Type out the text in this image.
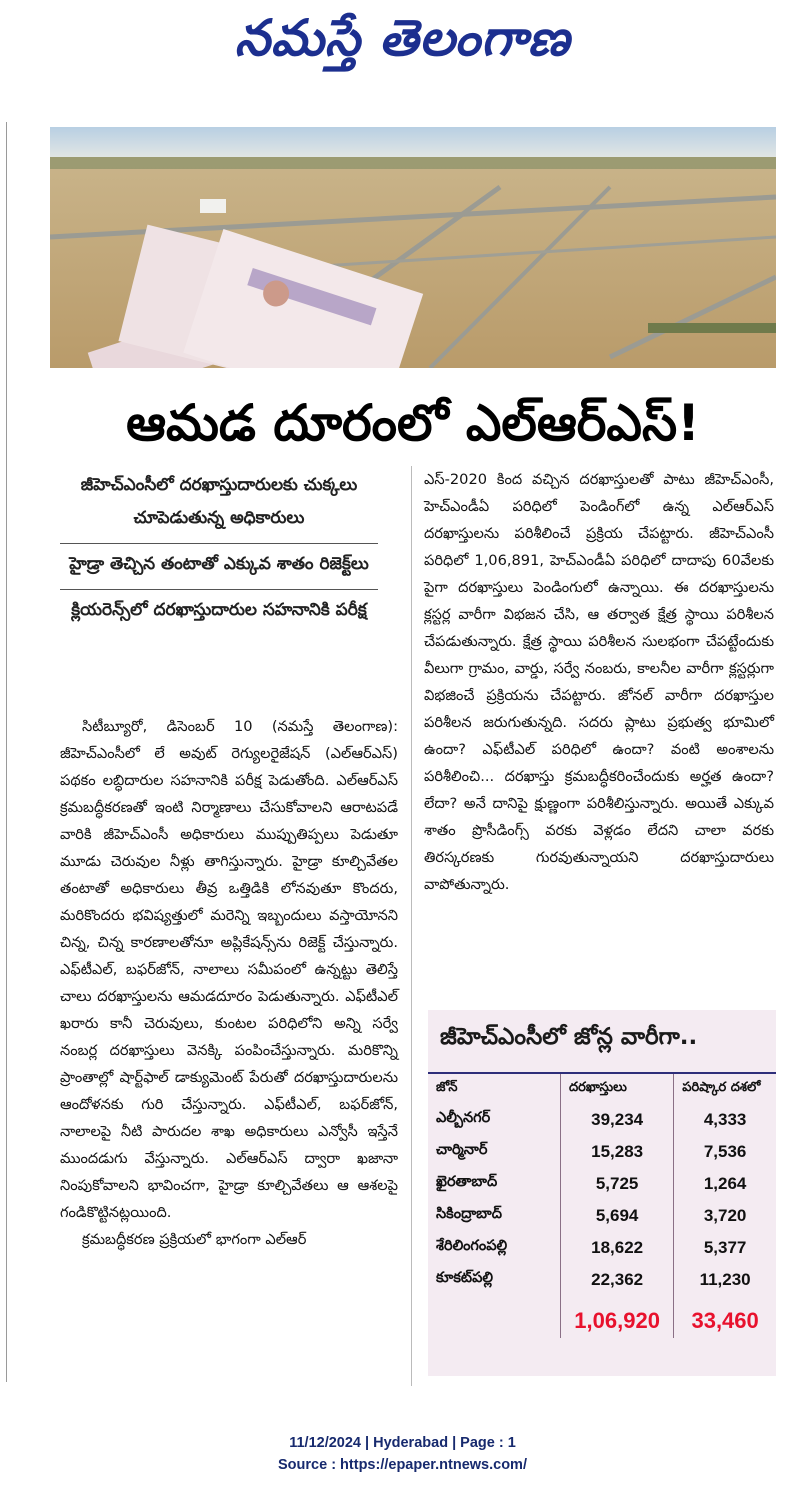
నమస్తే తెలంగాణ
ఆమడ దూరంలో ఎల్‌ఆర్‌ఎస్‌!
జీహెచ్‌ఎంసీలో దరఖాస్తుదారులకు చుక్కలు చూపెడుతున్న అధికారులు
హైడ్రా తెచ్చిన తంటాతో ఎక్కువ శాతం రిజెక్ట్‌లు
క్లియరెన్స్‌లో దరఖాస్తుదారుల సహనానికి పరీక్ష

సిటీబ్యూరో, డిసెంబర్‌ 10 (నమస్తే తెలంగాణ): జీహెచ్‌ఎంసీలో లే అవుట్‌ రెగ్యులరైజేషన్‌ (ఎల్‌ఆర్‌ఎస్‌) పథకం లబ్ధిదారుల సహనానికి పరీక్ష పెడుతోంది. ఎల్‌ఆర్‌ఎస్‌ క్రమబద్ధీకరణతో ఇంటి నిర్మాణాలు చేసుకోవాలని ఆరాటపడే వారికి జీహెచ్‌ఎంసీ అధికారులు ముప్పుతిప్పలు పెడుతూ మూడు చెరువుల నీళ్లు తాగిస్తున్నారు. హైడ్రా కూల్చివేతల తంటాతో అధికారులు తీవ్ర ఒత్తిడికి లోనవుతూ కొందరు, మరికొందరు భవిష్యత్తులో మరెన్ని ఇబ్బందులు వస్తాయోనని చిన్న, చిన్న కారణాలతోనూ అప్లికేషన్స్‌ను రిజెక్ట్‌ చేస్తున్నారు. ఎఫ్‌టీఎల్‌, బఫర్‌జోన్‌, నాలాలు సమీపంలో ఉన్నట్టు తెలిస్తే చాలు దరఖాస్తులను ఆమడదూరం పెడుతున్నారు. ఎఫ్‌టీఎల్‌ ఖరారు కానీ చెరువులు, కుంటల పరిధిలోని అన్ని సర్వే నంబర్ల దరఖాస్తులు వెనక్కి పంపించేస్తున్నారు. మరికొన్ని ప్రాంతాల్లో షార్ట్‌ఫాల్‌ డాక్యుమెంట్‌ పేరుతో దరఖాస్తుదారులను ఆందోళనకు గురి చేస్తున్నారు. ఎఫ్‌టీఎల్‌, బఫర్‌జోన్‌, నాలాలపై నీటి పారుదల శాఖ అధికారులు ఎన్వోసీ ఇస్తేనే ముందడుగు వేస్తున్నారు. ఎల్‌ఆర్‌ఎస్‌ ద్వారా ఖజానా నింపుకోవాలని భావించగా, హైడ్రా కూల్చివేతలు ఆ ఆశలపై గండికొట్టినట్లయింది.

క్రమబద్ధీకరణ ప్రక్రియలో భాగంగా ఎల్‌ఆర్‌

ఎస్‌-2020 కింద వచ్చిన దరఖాస్తులతో పాటు జీహెచ్‌ఎంసీ, హెచ్‌ఎండీఏ పరిధిలో పెండింగ్‌లో ఉన్న ఎల్‌ఆర్‌ఎస్‌ దరఖాస్తులను పరిశీలించే ప్రక్రియ చేపట్టారు. జీహెచ్‌ఎంసీ పరిధిలో 1,06,891, హెచ్‌ఎండీఏ పరిధిలో దాదాపు 60వేలకు పైగా దరఖాస్తులు పెండింగులో ఉన్నాయి. ఈ దరఖాస్తులను క్లస్టర్ల వారీగా విభజన చేసి, ఆ తర్వాత క్షేత్ర స్థాయి పరిశీలన చేపడుతున్నారు. క్షేత్ర స్థాయి పరిశీలన సులభంగా చేపట్టేందుకు వీలుగా గ్రామం, వార్డు, సర్వే నంబరు, కాలనీల వారీగా క్లస్టర్లుగా విభజించే ప్రక్రియను చేపట్టారు. జోనల్‌ వారీగా దరఖాస్తుల పరిశీలన జరుగుతున్నది. సదరు ప్లాటు ప్రభుత్వ భూమిలో ఉందా? ఎఫ్‌టీఎల్‌ పరిధిలో ఉందా? వంటి అంశాలను పరిశీలించి... దరఖాస్తు క్రమబద్ధీకరించేందుకు అర్హత ఉందా? లేదా? అనే దానిపై క్షుణ్ణంగా పరిశీలిస్తున్నారు. అయితే ఎక్కువ శాతం ప్రొసీడింగ్స్‌ వరకు వెళ్లడం లేదని చాలా వరకు తిరస్కరణకు గురవుతున్నాయని దరఖాస్తుదారులు వాపోతున్నారు.

జీహెచ్‌ఎంసీలో జోన్ల వారీగా..
జోన్‌	దరఖాస్తులు	పరిష్కార దశలో
ఎల్బీనగర్‌	39,234	4,333
చార్మినార్‌	15,283	7,536
ఖైరతాబాద్‌	5,725	1,264
సికింద్రాబాద్‌	5,694	3,720
శేరిలింగంపల్లి	18,622	5,377
కూకట్‌పల్లి	22,362	11,230
	1,06,920	33,460
11/12/2024 | Hyderabad | Page : 1
Source : https://epaper.ntnews.com/
